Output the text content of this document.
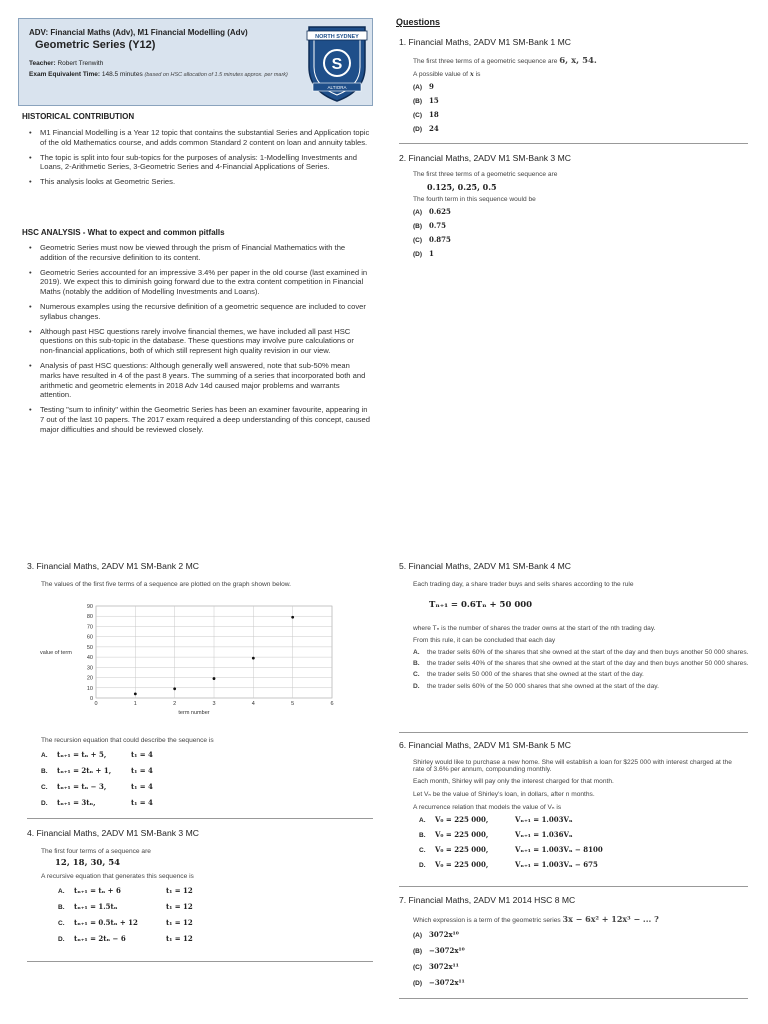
ADV: Financial Maths (Adv), M1 Financial Modelling (Adv)
Geometric Series (Y12)
Teacher: Robert Trenwith
Exam Equivalent Time: 148.5 minutes (based on HSC allocation of 1.5 minutes approx. per mark)
NORTH SYDNEY
S
ALTIORA
HISTORICAL CONTRIBUTION
• M1 Financial Modelling is a Year 12 topic that contains the substantial Series and Application topic of the old Mathematics course, and adds common Standard 2 content on loan and annuity tables.
• The topic is split into four sub-topics for the purposes of analysis: 1-Modelling Investments and Loans, 2-Arithmetic Series, 3-Geometric Series and 4-Financial Applications of Series.
• This analysis looks at Geometric Series.
HSC ANALYSIS - What to expect and common pitfalls
• Geometric Series must now be viewed through the prism of Financial Mathematics with the addition of the recursive definition to its content.
• Geometric Series accounted for an impressive 3.4% per paper in the old course (last examined in 2019). We expect this to diminish going forward due to the extra content competition in Financial Maths (notably the addition of Modelling Investments and Loans).
• Numerous examples using the recursive definition of a geometric sequence are included to cover syllabus changes.
• Although past HSC questions rarely involve financial themes, we have included all past HSC questions on this sub-topic in the database. These questions may involve pure calculations or non-financial applications, both of which still represent high quality revision in our view.
• Analysis of past HSC questions: Although generally well answered, note that sub-50% mean marks have resulted in 4 of the past 8 years. The summing of a series that incorporated both and arithmetic and geometric elements in 2018 Adv 14d caused major problems and warrants attention.
• Testing "sum to infinity" within the Geometric Series has been an examiner favourite, appearing in 7 out of the last 10 papers. The 2017 exam required a deep understanding of this concept, caused major difficulties and should be reviewed closely.
Questions
1. Financial Maths, 2ADV M1 SM-Bank 1 MC
The first three terms of a geometric sequence are 6, x, 54.
A possible value of x is
(A) 9
(B) 15
(C) 18
(D) 24
2. Financial Maths, 2ADV M1 SM-Bank 3 MC
The first three terms of a geometric sequence are
0.125, 0.25, 0.5
The fourth term in this sequence would be
(A) 0.625
(B) 0.75
(C) 0.875
(D) 1
3. Financial Maths, 2ADV M1 SM-Bank 2 MC
The values of the first five terms of a sequence are plotted on the graph shown below.
0
10
20
30
40
50
60
70
80
90
0	1	2	3	4	5	6
term number
value of term
The recursion equation that could describe the sequence is
A. tₙ₊₁ = tₙ + 5,	t₁ = 4
B. tₙ₊₁ = 2tₙ + 1,	t₁ = 4
C. tₙ₊₁ = tₙ − 3,	t₁ = 4
D. tₙ₊₁ = 3tₙ,	t₁ = 4
4. Financial Maths, 2ADV M1 SM-Bank 3 MC
The first four terms of a sequence are
12, 18, 30, 54
A recursive equation that generates this sequence is
A. tₙ₊₁ = tₙ + 6	t₁ = 12
B. tₙ₊₁ = 1.5tₙ	t₁ = 12
C. tₙ₊₁ = 0.5tₙ + 12	t₁ = 12
D. tₙ₊₁ = 2tₙ − 6	t₁ = 12
5. Financial Maths, 2ADV M1 SM-Bank 4 MC
Each trading day, a share trader buys and sells shares according to the rule
Tₙ₊₁ = 0.6Tₙ + 50 000
where Tₙ is the number of shares the trader owns at the start of the nth trading day.
From this rule, it can be concluded that each day
A.	the trader sells 60% of the shares that she owned at the start of the day and then buys another 50 000 shares.
B.	the trader sells 40% of the shares that she owned at the start of the day and then buys another 50 000 shares.
C.	the trader sells 50 000 of the shares that she owned at the start of the day.
D.	the trader sells 60% of the 50 000 shares that she owned at the start of the day.
6. Financial Maths, 2ADV M1 SM-Bank 5 MC
Shirley would like to purchase a new home. She will establish a loan for $225 000 with interest charged at the rate of 3.6% per annum, compounding monthly.
Each month, Shirley will pay only the interest charged for that month.
Let Vₙ be the value of Shirley's loan, in dollars, after n months.
A recurrence relation that models the value of Vₙ is
A. V₀ = 225 000,	Vₙ₊₁ = 1.003Vₙ
B. V₀ = 225 000,	Vₙ₊₁ = 1.036Vₙ
C. V₀ = 225 000,	Vₙ₊₁ = 1.003Vₙ − 8100
D. V₀ = 225 000,	Vₙ₊₁ = 1.003Vₙ − 675
7. Financial Maths, 2ADV M1 2014 HSC 8 MC
Which expression is a term of the geometric series 3x − 6x² + 12x³ − ... ?
(A) 3072x¹⁰
(B) −3072x¹⁰
(C) 3072x¹¹
(D) −3072x¹¹
